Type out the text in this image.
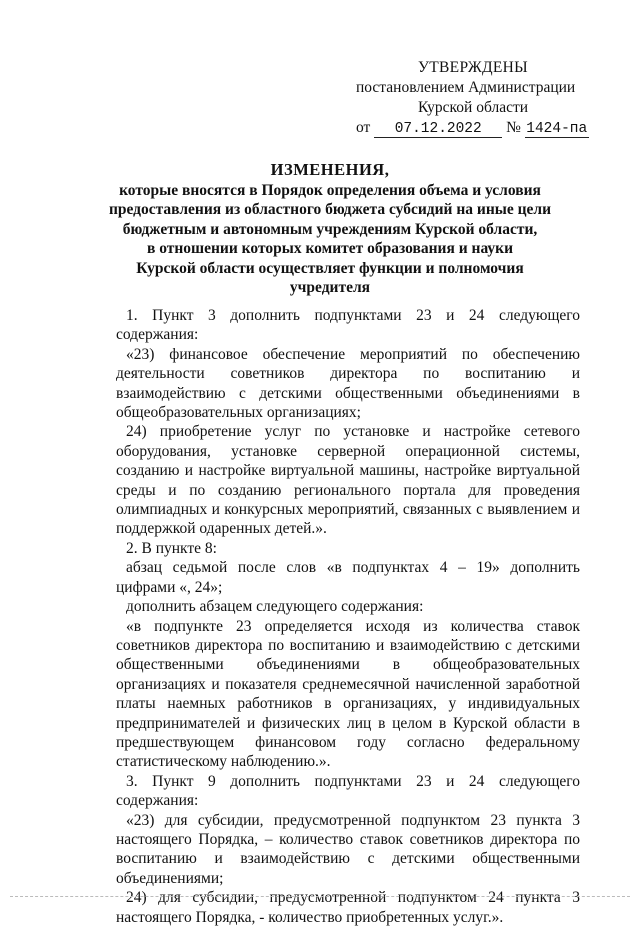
УТВЕРЖДЕНЫ
постановлением Администрации
Курской области
от 07.12.2022 № 1424-па
ИЗМЕНЕНИЯ,
которые вносятся в Порядок определения объема и условия
предоставления из областного бюджета субсидий на иные цели
бюджетным и автономным учреждениям Курской области,
в отношении которых комитет образования и науки
Курской области осуществляет функции и полномочия
учредителя

1. Пункт 3 дополнить подпунктами 23 и 24 следующего содержания:

«23) финансовое обеспечение мероприятий по обеспечению деятельности советников директора по воспитанию и взаимодействию с детскими общественными объединениями в общеобразовательных организациях;

24) приобретение услуг по установке и настройке сетевого оборудования, установке серверной операционной системы, созданию и настройке виртуальной машины, настройке виртуальной среды и по созданию регионального портала для проведения олимпиадных и конкурсных мероприятий, связанных с выявлением и поддержкой одаренных детей.».

2. В пункте 8:

абзац седьмой после слов «в подпунктах 4 – 19» дополнить цифрами «, 24»;

дополнить абзацем следующего содержания:

«в подпункте 23 определяется исходя из количества ставок советников директора по воспитанию и взаимодействию с детскими общественными объединениями в общеобразовательных организациях и показателя среднемесячной начисленной заработной платы наемных работников в организациях, у индивидуальных предпринимателей и физических лиц в целом в Курской области в предшествующем финансовом году согласно федеральному статистическому наблюдению.».

3. Пункт 9 дополнить подпунктами 23 и 24 следующего содержания:

«23) для субсидии, предусмотренной подпунктом 23 пункта 3 настоящего Порядка, – количество ставок советников директора по воспитанию и взаимодействию с детскими общественными объединениями;

24) для субсидии, предусмотренной подпунктом 24 пункта 3 настоящего Порядка, - количество приобретенных услуг.».
